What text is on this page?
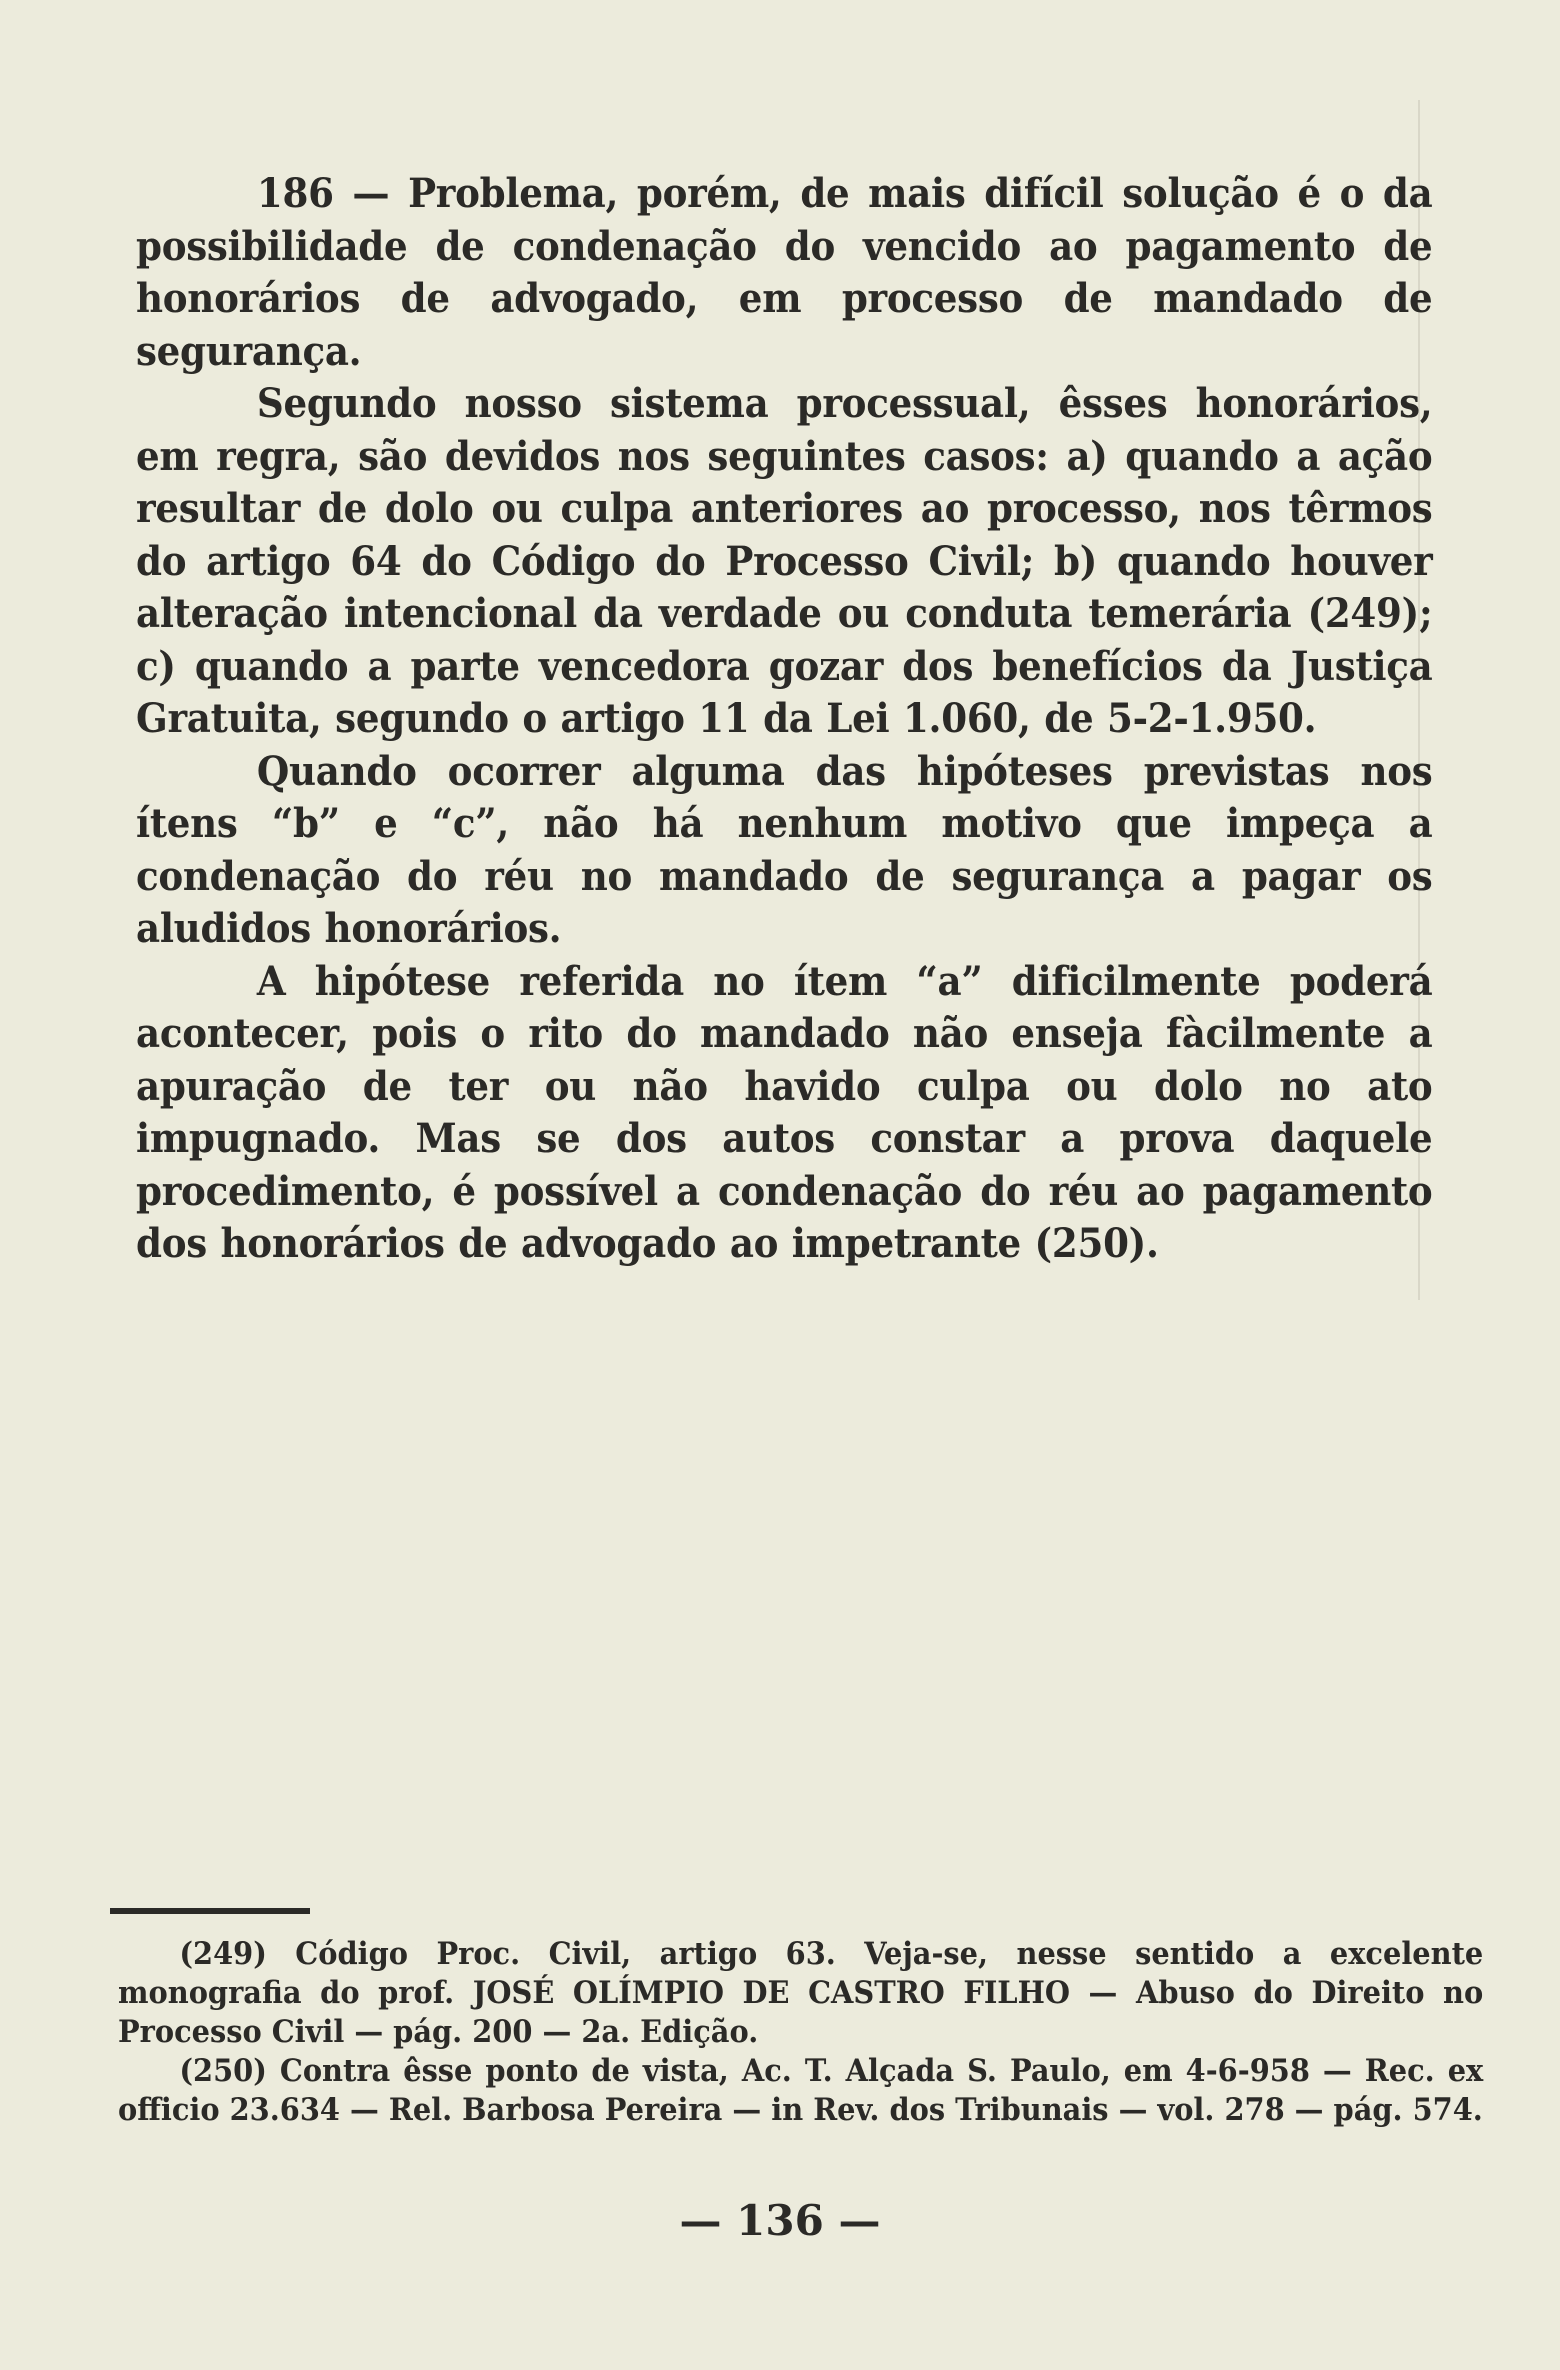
186 — Problema, porém, de mais difícil solução é o da possibilidade de condenação do vencido ao pagamento de honorários de advogado, em processo de mandado de segurança.

Segundo nosso sistema processual, êsses honorários, em regra, são devidos nos seguintes casos: a) quando a ação resultar de dolo ou culpa anteriores ao processo, nos têrmos do artigo 64 do Código do Processo Civil; b) quando houver alteração intencional da verdade ou conduta temerária (249); c) quando a parte vencedora gozar dos benefícios da Justiça Gratuita, segundo o artigo 11 da Lei 1.060, de 5-2-1.950.

Quando ocorrer alguma das hipóteses previstas nos ítens “b” e “c”, não há nenhum motivo que impeça a condenação do réu no mandado de segurança a pagar os aludidos honorários.

A hipótese referida no ítem “a” dificilmente poderá acontecer, pois o rito do mandado não enseja fàcilmente a apuração de ter ou não havido culpa ou dolo no ato impugnado. Mas se dos autos constar a prova daquele procedimento, é possível a condenação do réu ao pagamento dos honorários de advogado ao impetrante (250).

(249) Código Proc. Civil, artigo 63. Veja-se, nesse sentido a excelente monografia do prof. JOSÉ OLÍMPIO DE CASTRO FILHO — Abuso do Direito no Processo Civil — pág. 200 — 2a. Edição.

(250) Contra êsse ponto de vista, Ac. T. Alçada S. Paulo, em 4-6-958 — Rec. ex officio 23.634 — Rel. Barbosa Pereira — in Rev. dos Tribunais — vol. 278 — pág. 574.

— 136 —
